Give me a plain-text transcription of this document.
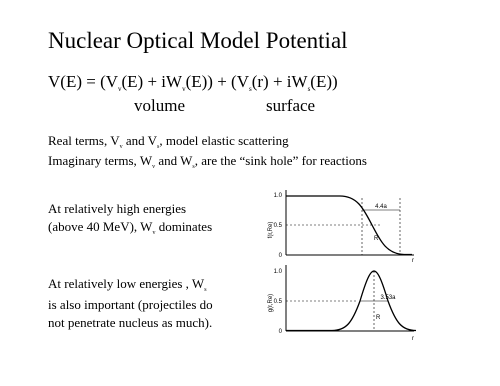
Nuclear Optical Model Potential
$V(E) = (V_v(E) + iW_v(E)) + (V_s(r) + iW_s(E))$
volume	surface
Real terms, $V_v$ and $V_s$, model elastic scattering
Imaginary terms, $W_v$ and $W_s$, are the “sink hole” for reactions
At relatively high energies
(above 40 MeV), $W_v$ dominates
At relatively low energies , $W_s$
is also important (projectiles do
not penetrate nucleus as much).
f(r,Re)
1.0
0.5
0
4.4a
R
r
g(r,Re)
1.0
0.5
0
3.53a
R
r
